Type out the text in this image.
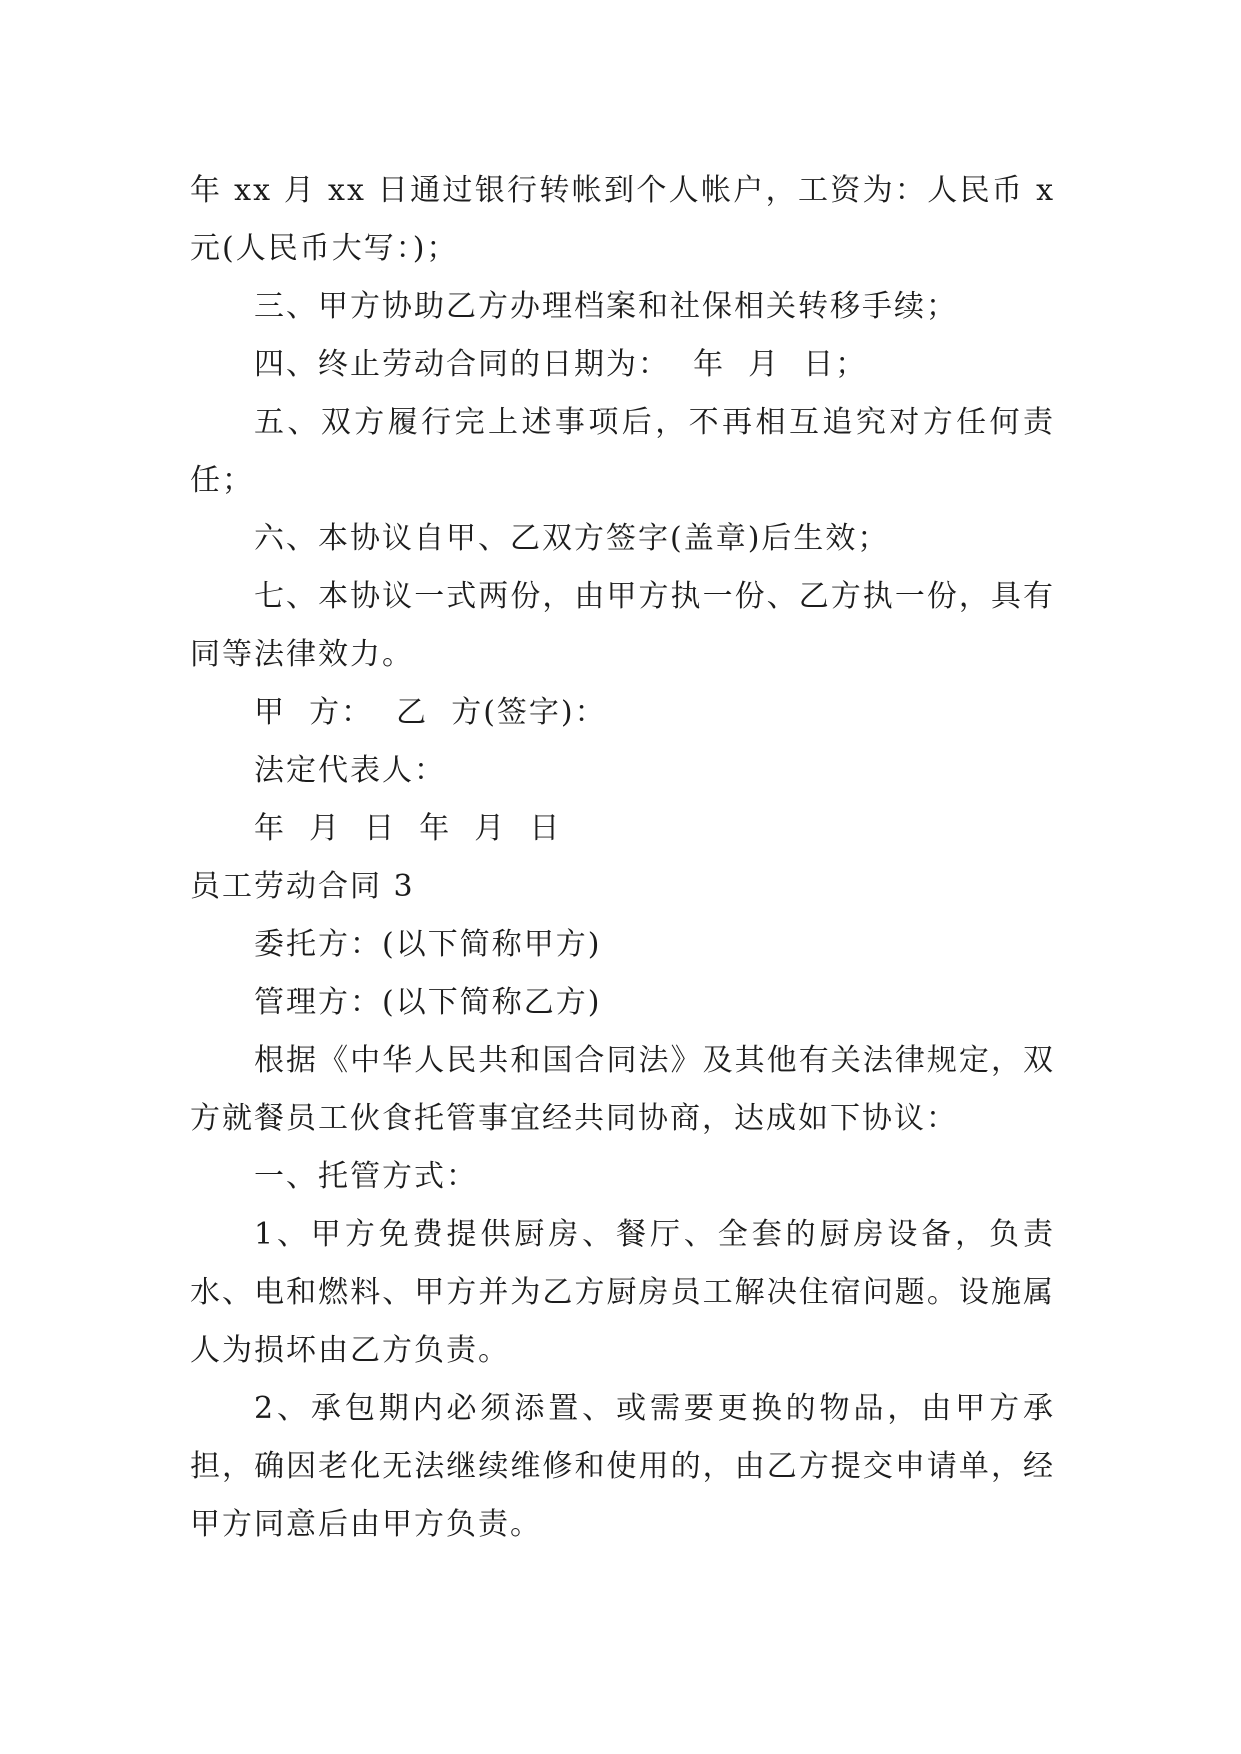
年 xx 月 xx 日通过银行转帐到个人帐户，工资为：人民币 x 元(人民币大写：)；

三、甲方协助乙方办理档案和社保相关转移手续；

四、终止劳动合同的日期为：  年  月  日；

五、双方履行完上述事项后，不再相互追究对方任何责任；

六、本协议自甲、乙双方签字(盖章)后生效；

七、本协议一式两份，由甲方执一份、乙方执一份，具有同等法律效力。

甲  方：  乙  方(签字)：

法定代表人：

年  月  日  年  月  日

员工劳动合同 3

委托方：(以下简称甲方)

管理方：(以下简称乙方)

根据《中华人民共和国合同法》及其他有关法律规定，双方就餐员工伙食托管事宜经共同协商，达成如下协议：

一、托管方式：

1、甲方免费提供厨房、餐厅、全套的厨房设备，负责水、电和燃料、甲方并为乙方厨房员工解决住宿问题。设施属人为损坏由乙方负责。

2、承包期内必须添置、或需要更换的物品，由甲方承担，确因老化无法继续维修和使用的，由乙方提交申请单，经甲方同意后由甲方负责。
